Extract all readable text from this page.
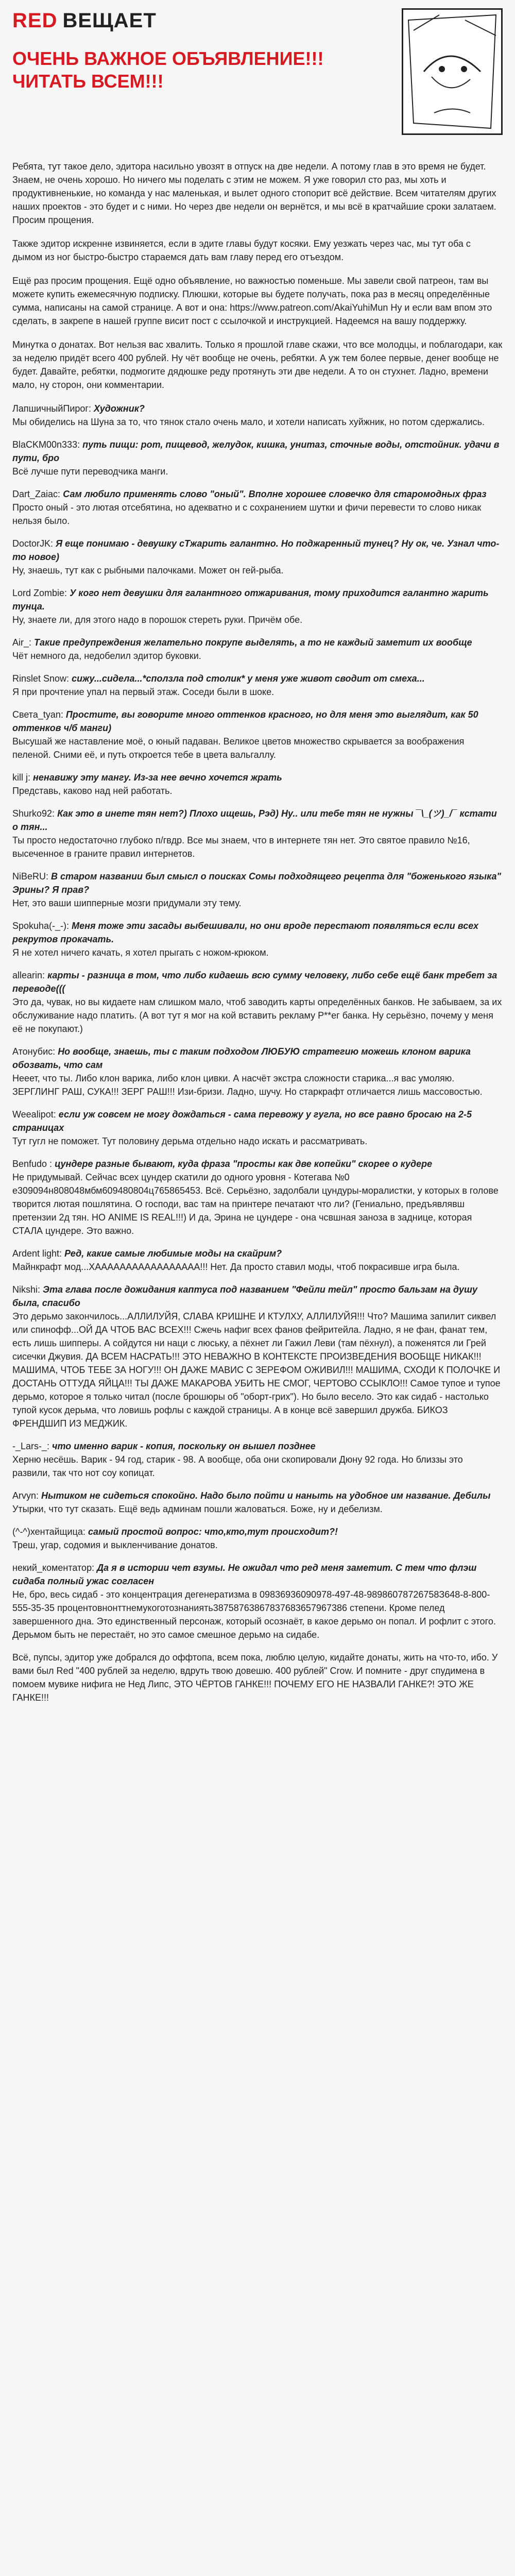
RED ВЕЩАЕТ
ОЧЕНЬ ВАЖНОЕ ОБЪЯВЛЕНИЕ!!! ЧИТАТЬ ВСЕМ!!!

Ребята, тут такое дело, эдитора насильно увозят в отпуск на две недели. А потому глав в это время не будет. Знаем, не очень хорошо. Но ничего мы поделать с этим не можем. Я уже говорил сто раз, мы хоть и продуктивненькие, но команда у нас маленькая, и вылет одного стопорит всё действие. Всем читателям других наших проектов - это будет и с ними. Но через две недели он вернётся, и мы всё в кратчайшие сроки залатаем. Просим прощения.

Также эдитор искренне извиняется, если в эдите главы будут косяки. Ему уезжать через час, мы тут оба с дымом из ног быстро-быстро стараемся дать вам главу перед его отъездом.

Ещё раз просим прощения. Ещё одно объявление, но важностью поменьше. Мы завели свой патреон, там вы можете купить ежемесячную подписку. Плюшки, которые вы будете получать, пока раз в месяц определённые сумма, написаны на самой странице. А вот и она: https://www.patreon.com/AkaiYuhiMun Ну и если вам впом это сделать, в закрепе в нашей группе висит пост с ссылочкой и инструкцией. Надеемся на вашу поддержку.

Минутка о донатах. Вот нельзя вас хвалить. Только я прошлой главе скажи, что все молодцы, и поблагодари, как за неделю придёт всего 400 рублей. Ну чёт вообще не очень, ребятки. А уж тем более первые, денег вообще не будет. Давайте, ребятки, подмогите дядюшке реду протянуть эти две недели. А то он стухнет. Ладно, времени мало, ну сторон, они комментарии.

ЛапшичныйПирог: Художник?
Мы обиделись на Шуна за то, что тянок стало очень мало, и хотели написать хуйжник, но потом сдержались.
BlaCKM00n333: путь пищи: рот, пищевод, желудок, кишка, унитаз, сточные воды, отстойник. удачи в пути, бро
Всё лучше пути переводчика манги.
Dart_Zaiac: Сам любило применять слово "оный". Вполне хорошее словечко для старомодных фраз
Просто оный - это лютая отсебятина, но адекватно и с сохранением шутки и фичи перевести то слово никак нельзя было.
DoctorJK: Я еще понимаю - девушку сТжарить галантно. Но поджаренный тунец? Ну ок, че. Узнал что-то новое)
Ну, знаешь, тут как с рыбными палочками. Может он гей-рыба.
Lord Zombie: У кого нет девушки для галантного отжаривания, тому приходится галантно жарить тунца.
Ну, знаете ли, для этого надо в порошок стереть руки. Причём обе.
Air_: Такие предупреждения желательно покрупе выделять, а то не каждый заметит их вообще
Чёт немного да, недобелил эдитор буковки.
Rinslet Snow: сижу...сидела...*сползла под столик* у меня уже живот сводит от смеха...
Я при прочтение упал на первый этаж. Соседи были в шоке.
Света_tyan: Простите, вы говорите много оттенков красного, но для меня это выглядит, как 50 оттенков ч/б манги)
Высушай же наставление моё, о юный падаван. Великое цветов множество скрывается за воображения пеленой. Сними её, и путь откроется тебе в цвета вальгаллу.
kill j: ненавижу эту мангу. Из-за нее вечно хочется жрать
Представь, каково над ней работать.
Shurko92: Как это в инете тян нет?) Плохо ищешь, Рэд) Ну.. или тебе тян не нужны ¯\_(ツ)_/¯ кстати о тян...
Ты просто недостаточно глубоко п/гвдр. Все мы знаем, что в интернете тян нет. Это святое правило №16, высеченное в граните правил интернетов.
NiBeRU: В старом названии был смысл о поисках Сомы подходящего рецепта для "боженького языка" Эрины? Я прав?
Нет, это ваши шипперные мозги придумали эту тему.
Spokuha(-_-): Меня тоже эти засады выбешивали, но они вроде перестают появляться если всех рекрутов прокачать.
Я не хотел ничего качать, я хотел прыгать с ножом-крюком.
allearin: карты - разница в том, что либо кидаешь всю сумму человеку, либо себе ещё банк требет за переводе(((
Это да, чувак, но вы кидаете нам слишком мало, чтоб заводить карты определённых банков. Не забываем, за их обслуживание надо платить. (А вот тут я мог на кой вставить рекламу Р**ег банка. Ну серьёзно, почему у меня её не покупают.)
Атонубис: Но вообще, знаешь, ты с таким подходом ЛЮБУЮ стратегию можешь клоном варика обозвать, что сам
Нееет, что ты. Либо клон варика, либо клон цивки. А насчёт экстра сложности старика...я вас умоляю. ЗЕРГЛИНГ РАШ, СУКА!!! ЗЕРГ РАШ!!! Изи-бризи. Ладно, шучу. Но старкрафт отличается лишь массовостью.
Weealipot: если уж совсем не могу дождаться - сама перевожу у гугла, но все равно бросаю на 2-5 страницах
Тут гугл не поможет. Тут половину дерьма отдельно надо искать и рассматривать.
Benfudo : цундере разные бывают, куда фраза "просты как две копейки" скорее о кудере
Не придумывай. Сейчас всех цундер скатили до одного уровня - Котегава №0 е309094н808048мбм609480804ц765865453. Всё. Серьёзно, задолбали цундуры-моралистки, у которых в голове творится лютая пошлятина. О господи, вас там на принтере печатают что ли? (Гениально, предъявлявш претензии 2д тян. НО ANIME IS REAL!!!) И да, Эрина не цундере - она чсвшная заноза в заднице, которая СТАЛА цундере. Это важно.
Ardent light: Ред, какие самые любимые моды на скайрим?
Майнкрафт мод...ХААААААААААААААААА!!! Нет. Да просто ставил моды, чтоб покрасивше игра была.
Nikshi: Эта глава после дожидания каптуса под названием "Фейли тейл" просто бальзам на душу была, спасибо
Это дерьмо закончилось...АЛЛИЛУЙЯ, СЛАВА КРИШНЕ И КТУЛХУ, АЛЛИЛУЙЯ!!! Что? Машима запилит сиквел или спинофф...ОЙ ДА ЧТОБ ВАС ВСЕХ!!! Сжечь нафиг всех фанов фейритейла. Ладно, я не фан, фанат тем, есть лишь шипперы. А сойдутся ни наци с люську, а пёхнет ли Гажил Леви (там пёхнул), а поженятся ли Грей сисечки Джувия. ДА ВСЕМ НАСРАТЬ!!! ЭТО НЕВАЖНО В КОНТЕКСТЕ ПРОИЗВЕДЕНИЯ ВООБЩЕ НИКАК!!! МАШИМА, ЧТОБ ТЕБЕ ЗА НОГУ!!! ОН ДАЖЕ МАВИС С ЗЕРЕФОМ ОЖИВИЛ!!! МАШИМА, СХОДИ К ПОЛОЧКЕ И ДОСТАНЬ ОТТУДА ЯЙЦА!!! ТЫ ДАЖЕ МАКАРОВА УБИТЬ НЕ СМОГ, ЧЕРТОВО ССЫКЛО!!! Самое тупое и тупое дерьмо, которое я только читал (после брошюры об "оборт-грих"). Но было весело. Это как сидаб - настолько тупой кусок дерьма, что ловишь рофлы с каждой страницы. А в конце всё завершил дружба. БИКОЗ ФРЕНДШИП ИЗ МЕДЖИК.
-_Lars-_: что именно варик - копия, поскольку он вышел позднее
Херню несёшь. Варик - 94 год, старик - 98. А вообще, оба они скопировали Дюну 92 года. Но близзы это развили, так что нот соу копицат.
Arvyn: Нытиком не сидеться спокойно. Надо было пойти и наныть на удобное им название. Дебилы
Утырки, что тут сказать. Ещё ведь админам пошли жаловаться. Боже, ну и дебелизм.
(^-^)хентайщица: самый простой вопрос: что,кто,тут происходит?!
Треш, угар, содомия и выкленчивание донатов.
некий_коментатор: Да я в истории чет взумы. Не ожидал что ред меня заметит. С тем что флэш сидаба полный ужас согласен
Не, брo, весь сидаб - это концентрация дегенератизма в 09836936090978-497-48-98986078726758З648-8-800-555-35-35 процентовнонттнемукоготознаниять38758763867837683657967386 степени. Кроме пелед завершенного дна. Это единственный персонаж, который осознаёт, в какое дерьмо он попал. И рофлит с этого. Дерьмом быть не перестаёт, но это самое смешное дерьмо на сидабе.

Всё, пупсы, эдитор уже добрался до оффтопа, всем пока, люблю целую, кидайте донаты, жить на что-то, ибо. У вами был Red "400 рублей за неделю, вдруть твою довешю. 400 рублей" Crow. И помните - друг спудимена в помоем мувике нифига не Нед Липс, ЭТО ЧЁРТОВ ГАНКЕ!!! ПОЧЕМУ ЕГО НЕ НАЗВАЛИ ГАНКЕ?! ЭТО ЖЕ ГАНКЕ!!!
